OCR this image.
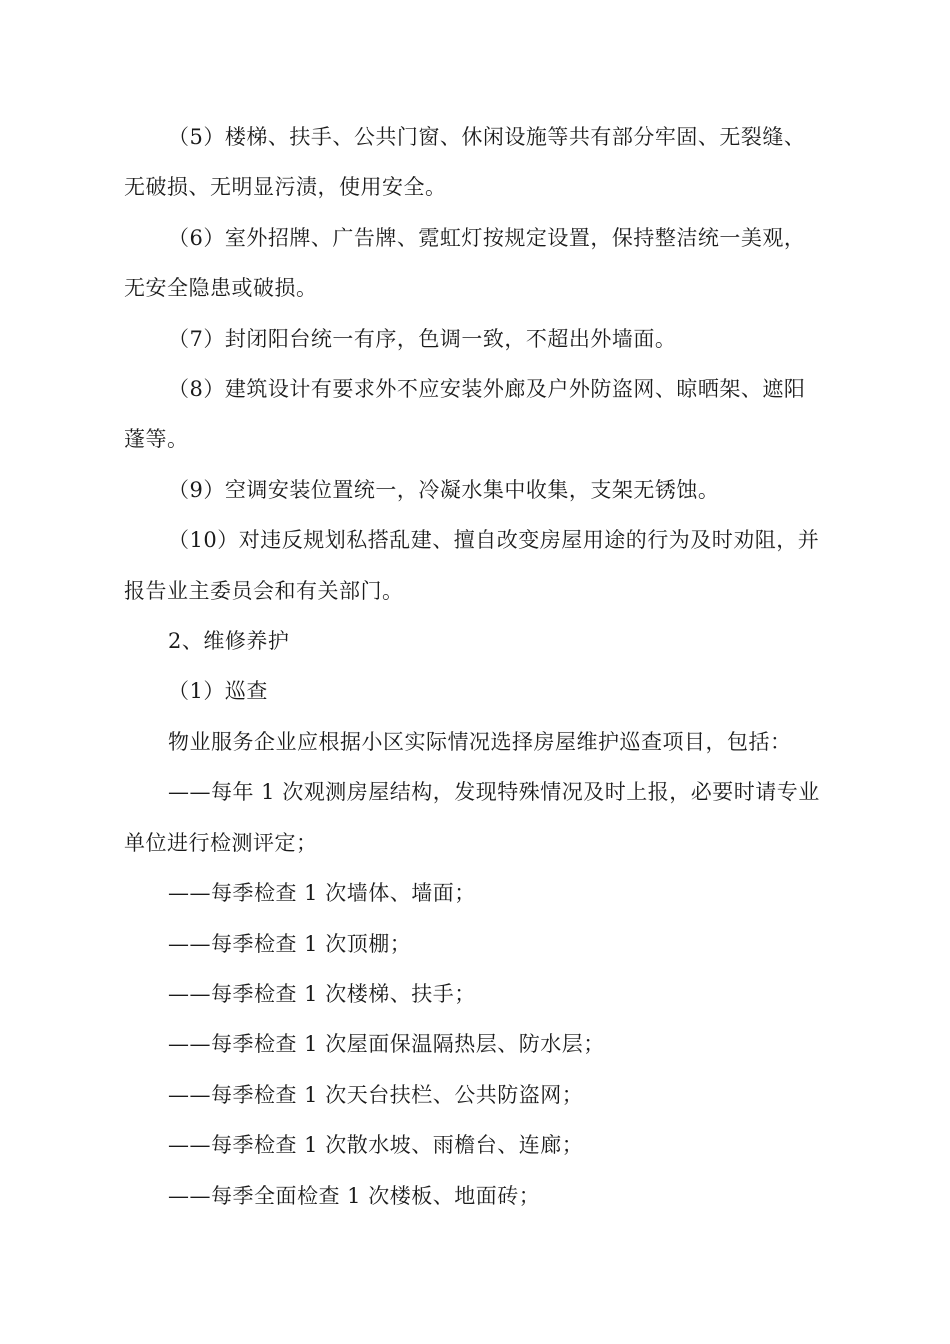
（5）楼梯、扶手、公共门窗、休闲设施等共有部分牢固、无裂缝、
无破损、无明显污渍，使用安全。
（6）室外招牌、广告牌、霓虹灯按规定设置，保持整洁统一美观，
无安全隐患或破损。
（7）封闭阳台统一有序，色调一致，不超出外墙面。
（8）建筑设计有要求外不应安装外廊及户外防盗网、晾晒架、遮阳
蓬等。
（9）空调安装位置统一，冷凝水集中收集，支架无锈蚀。
（10）对违反规划私搭乱建、擅自改变房屋用途的行为及时劝阻，并
报告业主委员会和有关部门。
2、维修养护
（1）巡查
物业服务企业应根据小区实际情况选择房屋维护巡查项目，包括：
——每年 1 次观测房屋结构，发现特殊情况及时上报，必要时请专业
单位进行检测评定；
——每季检查 1 次墙体、墙面；
——每季检查 1 次顶棚；
——每季检查 1 次楼梯、扶手；
——每季检查 1 次屋面保温隔热层、防水层；
——每季检查 1 次天台扶栏、公共防盗网；
——每季检查 1 次散水坡、雨檐台、连廊；
——每季全面检查 1 次楼板、地面砖；
